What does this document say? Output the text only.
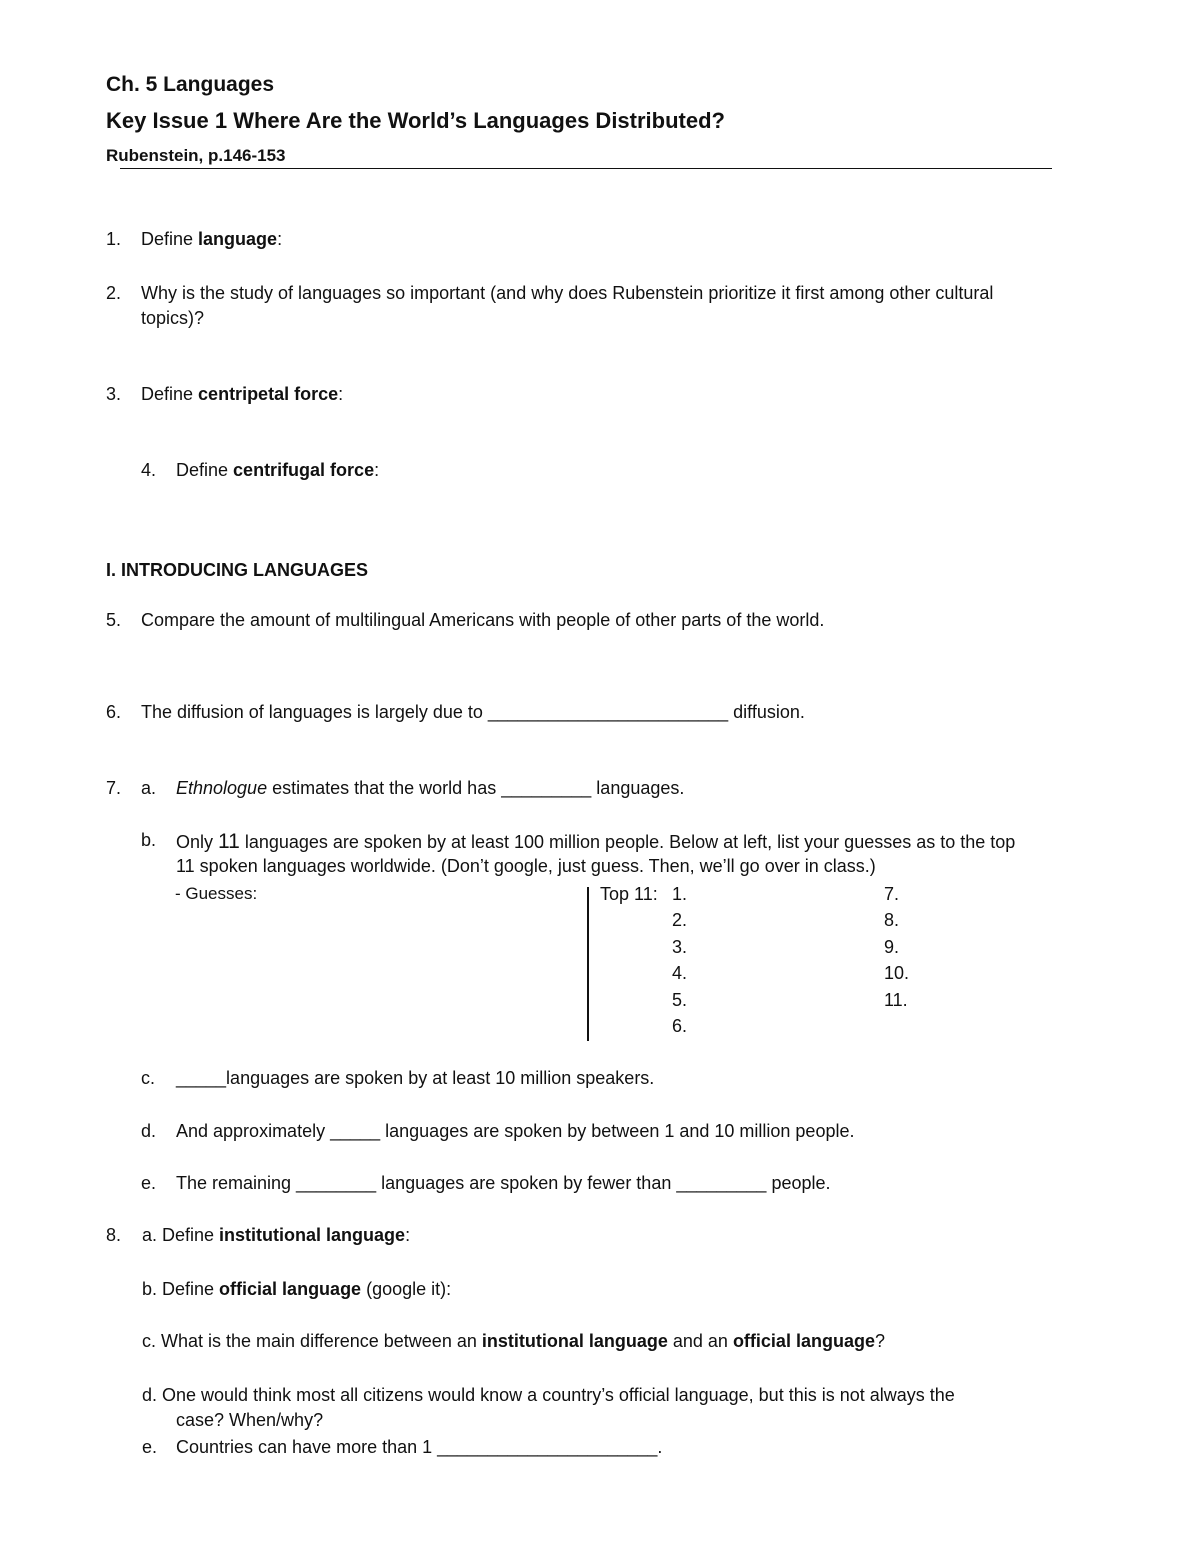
Ch. 5 Languages
Key Issue 1 Where Are the World’s Languages Distributed?
Rubenstein, p.146-153
1. Define language:
2. Why is the study of languages so important (and why does Rubenstein prioritize it first among other cultural
topics)?
3. Define centripetal force:
4. Define centrifugal force:
I. INTRODUCING LANGUAGES
5. Compare the amount of multilingual Americans with people of other parts of the world.
6. The diffusion of languages is largely due to ________________________ diffusion.
7. a. Ethnologue estimates that the world has _________ languages.
b. Only 11 languages are spoken by at least 100 million people. Below at left, list your guesses as to the top
11 spoken languages worldwide. (Don’t google, just guess. Then, we’ll go over in class.)
- Guesses:	Top 11: 1.
2.
3.
4.
5.
6.
7.
8.
9.
10.
11.
c. _____languages are spoken by at least 10 million speakers.
d. And approximately _____ languages are spoken by between 1 and 10 million people.
e. The remaining ________ languages are spoken by fewer than _________ people.
8. a. Define institutional language:
b. Define official language (google it):
c. What is the main difference between an institutional language and an official language?
d. One would think most all citizens would know a country’s official language, but this is not always the
case? When/why?
e. Countries can have more than 1 ______________________.
